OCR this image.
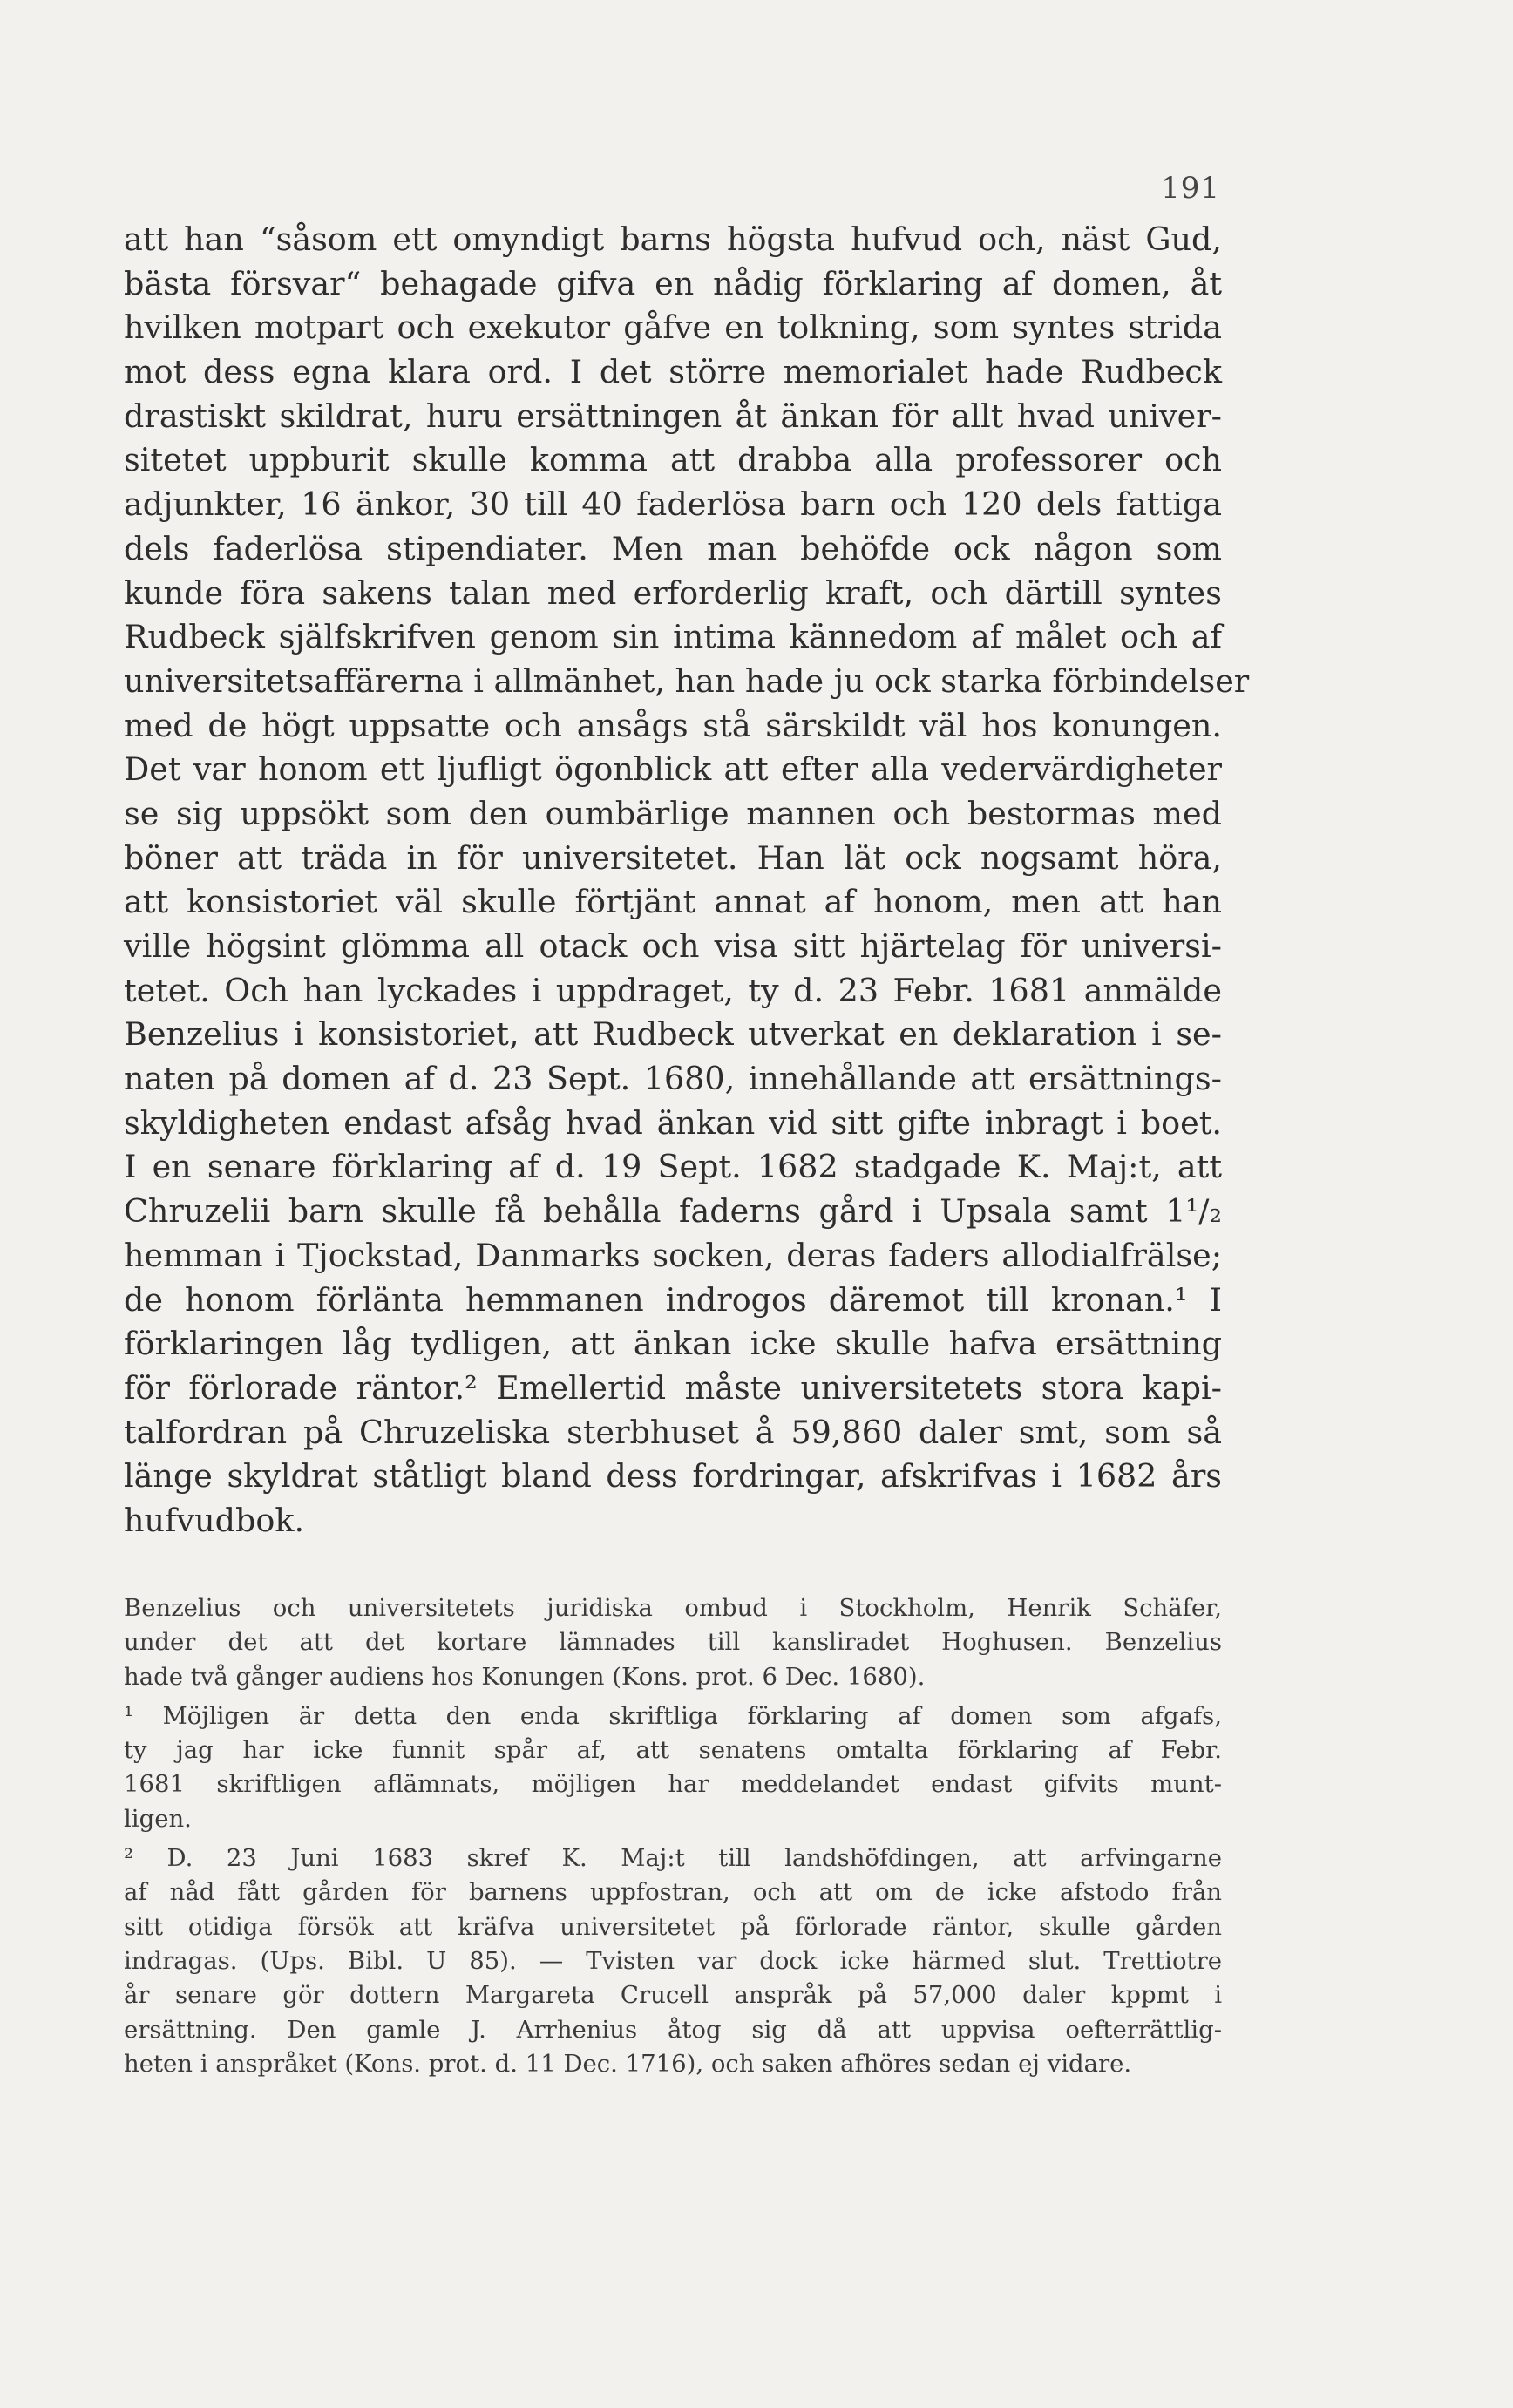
191
att han “såsom ett omyndigt barns högsta hufvud och, näst Gud,
bästa försvar“ behagade gifva en nådig förklaring af domen, åt
hvilken motpart och exekutor gåfve en tolkning, som syntes strida
mot dess egna klara ord. I det större memorialet hade Rudbeck
drastiskt skildrat, huru ersättningen åt änkan för allt hvad univer-
sitetet uppburit skulle komma att drabba alla professorer och
adjunkter, 16 änkor, 30 till 40 faderlösa barn och 120 dels fattiga
dels faderlösa stipendiater. Men man behöfde ock någon som
kunde föra sakens talan med erforderlig kraft, och därtill syntes
Rudbeck själfskrifven genom sin intima kännedom af målet och af
universitetsaffärerna i allmänhet, han hade ju ock starka förbindelser
med de högt uppsatte och ansågs stå särskildt väl hos konungen.
Det var honom ett ljufligt ögonblick att efter alla vedervärdigheter
se sig uppsökt som den oumbärlige mannen och bestormas med
böner att träda in för universitetet. Han lät ock nogsamt höra,
att konsistoriet väl skulle förtjänt annat af honom, men att han
ville högsint glömma all otack och visa sitt hjärtelag för universi-
tetet. Och han lyckades i uppdraget, ty d. 23 Febr. 1681 anmälde
Benzelius i konsistoriet, att Rudbeck utverkat en deklaration i se-
naten på domen af d. 23 Sept. 1680, innehållande att ersättnings-
skyldigheten endast afsåg hvad änkan vid sitt gifte inbragt i boet.
I en senare förklaring af d. 19 Sept. 1682 stadgade K. Maj:t, att
Chruzelii barn skulle få behålla faderns gård i Upsala samt 1¹/₂
hemman i Tjockstad, Danmarks socken, deras faders allodialfrälse;
de honom förlänta hemmanen indrogos däremot till kronan.¹ I
förklaringen låg tydligen, att änkan icke skulle hafva ersättning
för förlorade räntor.² Emellertid måste universitetets stora kapi-
talfordran på Chruzeliska sterbhuset å 59,860 daler smt, som så
länge skyldrat ståtligt bland dess fordringar, afskrifvas i 1682 års
hufvudbok.
Benzelius och universitetets juridiska ombud i Stockholm, Henrik Schäfer,
under det att det kortare lämnades till kansliradet Hoghusen. Benzelius
hade två gånger audiens hos Konungen (Kons. prot. 6 Dec. 1680).
¹ Möjligen är detta den enda skriftliga förklaring af domen som afgafs,
ty jag har icke funnit spår af, att senatens omtalta förklaring af Febr.
1681 skriftligen aflämnats, möjligen har meddelandet endast gifvits munt-
ligen.
² D. 23 Juni 1683 skref K. Maj:t till landshöfdingen, att arfvingarne
af nåd fått gården för barnens uppfostran, och att om de icke afstodo från
sitt otidiga försök att kräfva universitetet på förlorade räntor, skulle gården
indragas. (Ups. Bibl. U 85). — Tvisten var dock icke härmed slut. Trettiotre
år senare gör dottern Margareta Crucell anspråk på 57,000 daler kppmt i
ersättning. Den gamle J. Arrhenius åtog sig då att uppvisa oefterrättlig-
heten i anspråket (Kons. prot. d. 11 Dec. 1716), och saken afhöres sedan ej vidare.
